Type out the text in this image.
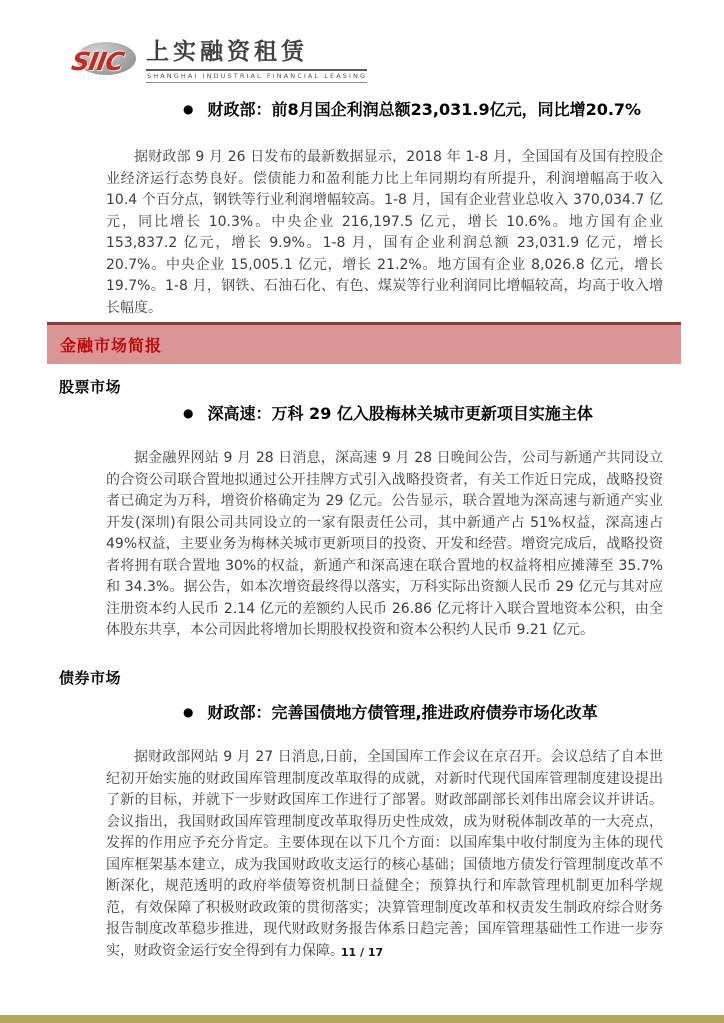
SIIC 上实融资租赁
SHANGHAI INDUSTRIAL FINANCIAL LEASING
● 财政部：前8月国企利润总额23,031.9亿元，同比增20.7%

据财政部 9 月 26 日发布的最新数据显示，2018 年 1-8 月，全国国有及国有控股企业经济运行态势良好。偿债能力和盈利能力比上年同期均有所提升，利润增幅高于收入 10.4 个百分点，钢铁等行业利润增幅较高。1-8 月，国有企业营业总收入 370,034.7 亿元，同比增长 10.3%。中央企业 216,197.5 亿元，增长 10.6%。地方国有企业 153,837.2 亿元，增长 9.9%。1-8 月，国有企业利润总额 23,031.9 亿元，增长 20.7%。中央企业 15,005.1 亿元，增长 21.2%。地方国有企业 8,026.8 亿元，增长 19.7%。1-8 月，钢铁、石油石化、有色、煤炭等行业利润同比增幅较高，均高于收入增长幅度。

金融市场简报
股票市场
● 深高速：万科 29 亿入股梅林关城市更新项目实施主体

据金融界网站 9 月 28 日消息，深高速 9 月 28 日晚间公告，公司与新通产共同设立的合资公司联合置地拟通过公开挂牌方式引入战略投资者，有关工作近日完成，战略投资者已确定为万科，增资价格确定为 29 亿元。公告显示，联合置地为深高速与新通产实业开发(深圳)有限公司共同设立的一家有限责任公司，其中新通产占 51%权益，深高速占 49%权益，主要业务为梅林关城市更新项目的投资、开发和经营。增资完成后，战略投资者将拥有联合置地 30%的权益，新通产和深高速在联合置地的权益将相应摊薄至 35.7%和 34.3%。据公告，如本次增资最终得以落实，万科实际出资额人民币 29 亿元与其对应注册资本约人民币 2.14 亿元的差额约人民币 26.86 亿元将计入联合置地资本公积，由全体股东共享，本公司因此将增加长期股权投资和资本公积约人民币 9.21 亿元。

债券市场
● 财政部：完善国债地方债管理,推进政府债券市场化改革

据财政部网站 9 月 27 日消息,日前，全国国库工作会议在京召开。会议总结了自本世纪初开始实施的财政国库管理制度改革取得的成就，对新时代现代国库管理制度建设提出了新的目标，并就下一步财政国库工作进行了部署。财政部副部长刘伟出席会议并讲话。会议指出，我国财政国库管理制度改革取得历史性成效，成为财税体制改革的一大亮点，发挥的作用应予充分肯定。主要体现在以下几个方面：以国库集中收付制度为主体的现代国库框架基本建立，成为我国财政收支运行的核心基础；国债地方债发行管理制度改革不断深化，规范透明的政府举债筹资机制日益健全；预算执行和库款管理机制更加科学规范，有效保障了积极财政政策的贯彻落实；决算管理制度改革和权责发生制政府综合财务报告制度改革稳步推进，现代财政财务报告体系日趋完善；国库管理基础性工作进一步夯实，财政资金运行安全得到有力保障。

11 / 17
